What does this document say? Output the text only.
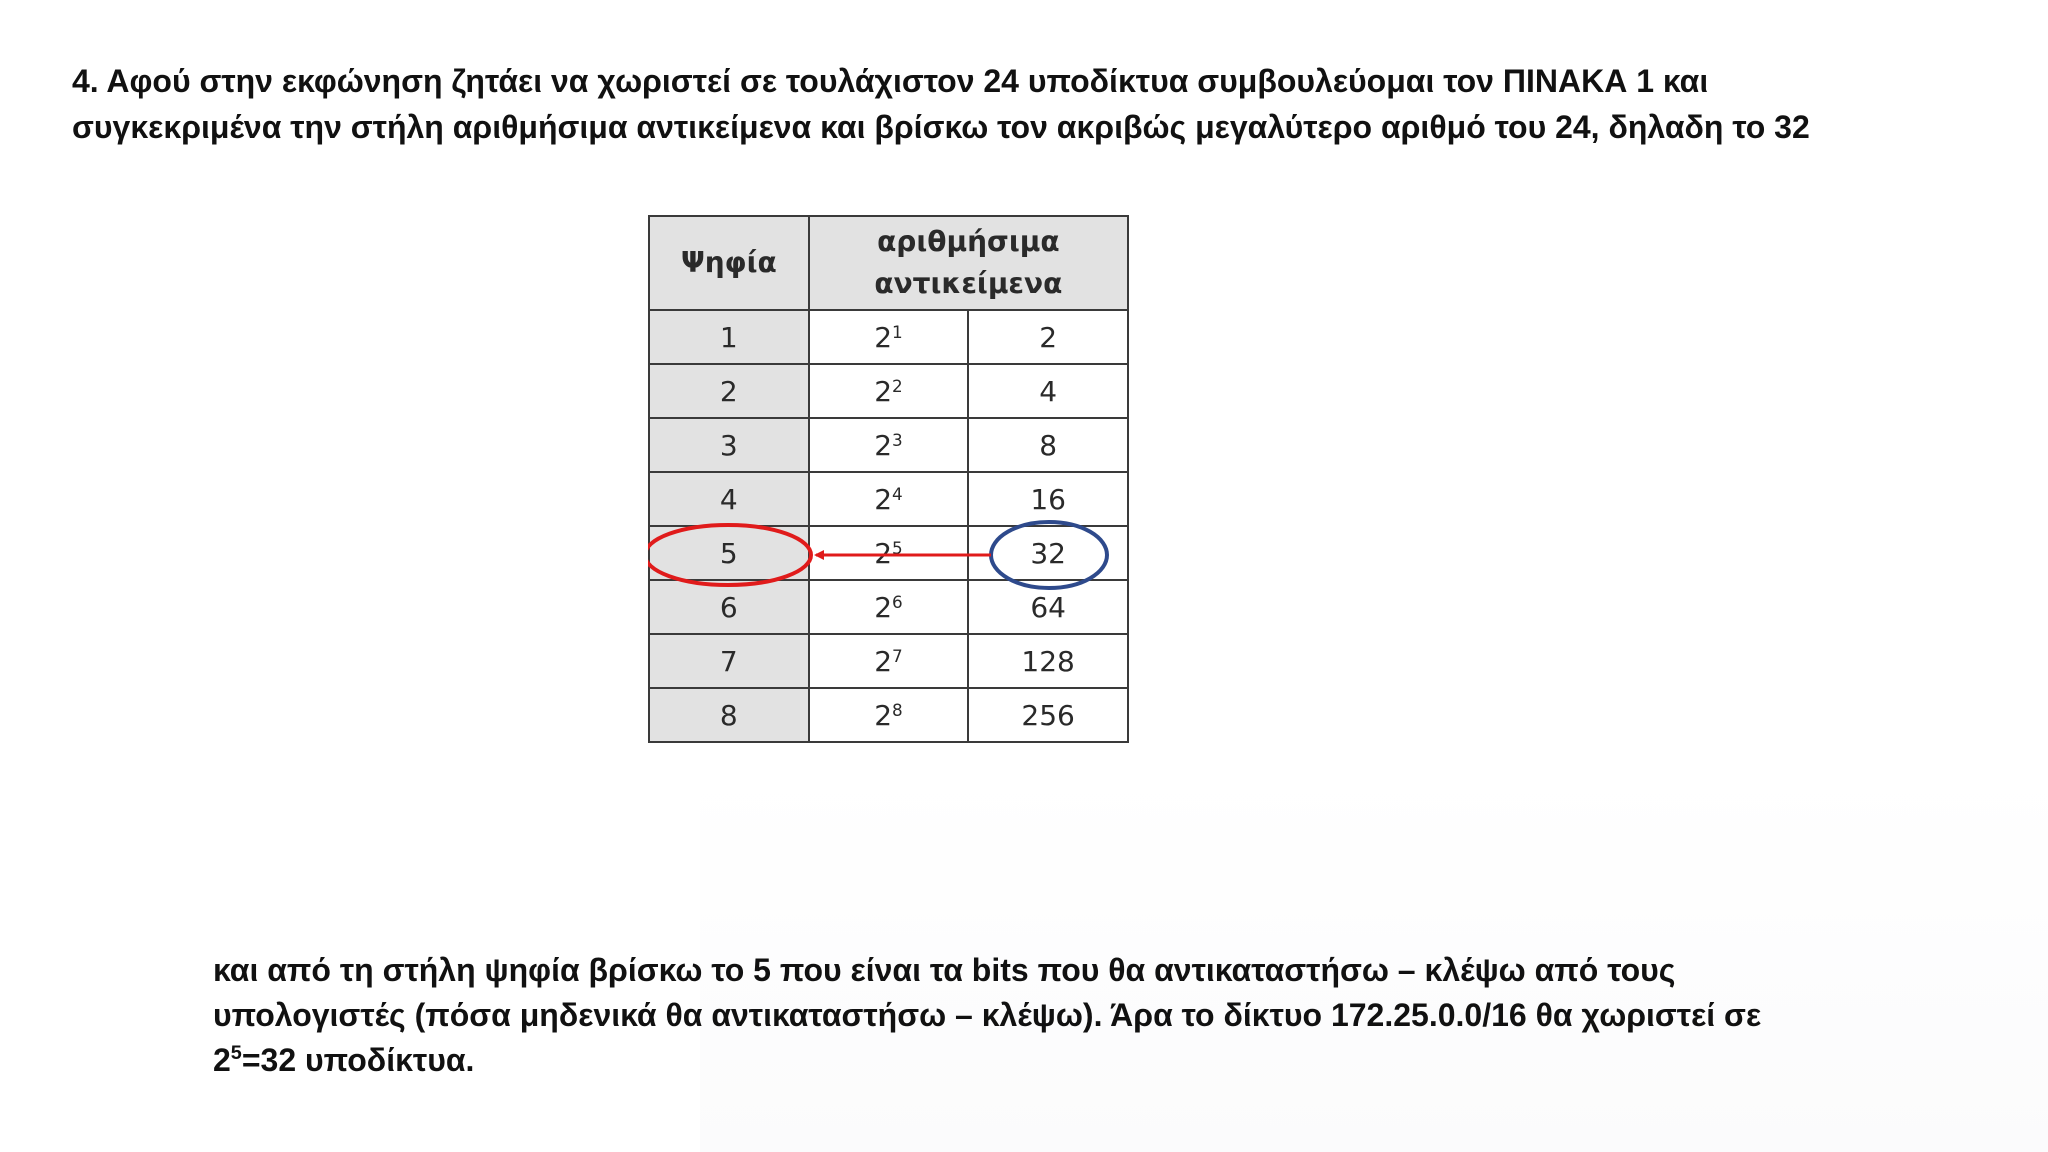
4. Αφού στην εκφώνηση ζητάει να χωριστεί σε τουλάχιστον 24 υποδίκτυα συμβουλεύομαι τον ΠΙΝΑΚΑ 1 και

συγκεκριμένα την στήλη αριθμήσιμα αντικείμενα και βρίσκω τον ακριβώς μεγαλύτερο αριθμό του 24, δηλαδη το 32

Ψηφία	αριθμήσιμα
αντικείμενα	

1	$2^1$	2
2	$2^2$	4
3	$2^3$	8
4	$2^4$	16
5	$2^5$	32
6	$2^6$	64
7	$2^7$	128
8	$2^8$	256

και από τη στήλη ψηφία βρίσκω το 5 που είναι τα bits που θα αντικαταστήσω – κλέψω από τους

υπολογιστές (πόσα μηδενικά θα αντικαταστήσω – κλέψω). Άρα το δίκτυο 172.25.0.0/16 θα χωριστεί σε

$2^5=32$ υποδίκτυα.
